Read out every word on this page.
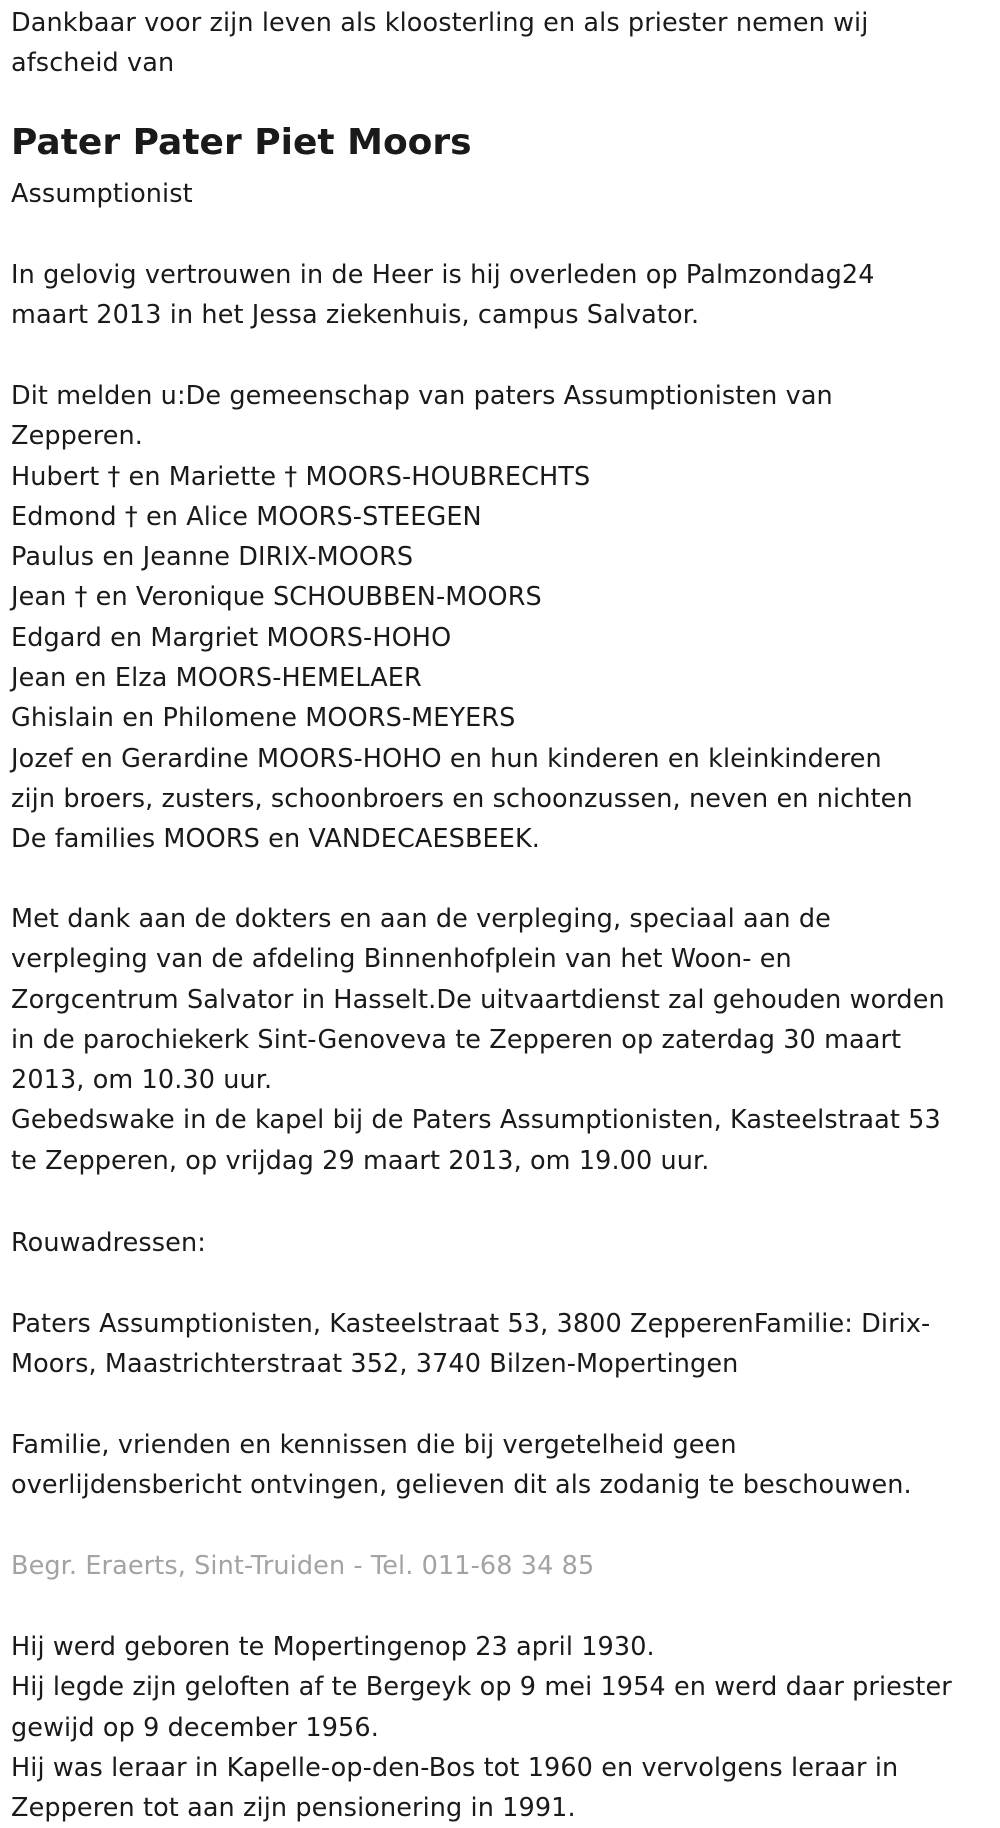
Dankbaar voor zijn leven als kloosterling en als priester nemen wij
afscheid van
Pater Pater Piet Moors
Assumptionist
In gelovig vertrouwen in de Heer is hij overleden op Palmzondag24
maart 2013 in het Jessa ziekenhuis, campus Salvator.
Dit melden u:De gemeenschap van paters Assumptionisten van
Zepperen.
Hubert † en Mariette † MOORS-HOUBRECHTS
Edmond † en Alice MOORS-STEEGEN
Paulus en Jeanne DIRIX-MOORS
Jean † en Veronique SCHOUBBEN-MOORS
Edgard en Margriet MOORS-HOHO
Jean en Elza MOORS-HEMELAER
Ghislain en Philomene MOORS-MEYERS
Jozef en Gerardine MOORS-HOHO en hun kinderen en kleinkinderen
zijn broers, zusters, schoonbroers en schoonzussen, neven en nichten
De families MOORS en VANDECAESBEEK.
Met dank aan de dokters en aan de verpleging, speciaal aan de
verpleging van de afdeling Binnenhofplein van het Woon- en
Zorgcentrum Salvator in Hasselt.De uitvaartdienst zal gehouden worden
in de parochiekerk Sint-Genoveva te Zepperen op zaterdag 30 maart
2013, om 10.30 uur.
Gebedswake in de kapel bij de Paters Assumptionisten, Kasteelstraat 53
te Zepperen, op vrijdag 29 maart 2013, om 19.00 uur.
Rouwadressen:
Paters Assumptionisten, Kasteelstraat 53, 3800 ZepperenFamilie: Dirix-
Moors, Maastrichterstraat 352, 3740 Bilzen-Mopertingen
Familie, vrienden en kennissen die bij vergetelheid geen
overlijdensbericht ontvingen, gelieven dit als zodanig te beschouwen.
Begr. Eraerts, Sint-Truiden - Tel. 011-68 34 85
Hij werd geboren te Mopertingenop 23 april 1930.
Hij legde zijn geloften af te Bergeyk op 9 mei 1954 en werd daar priester
gewijd op 9 december 1956.
Hij was leraar in Kapelle-op-den-Bos tot 1960 en vervolgens leraar in
Zepperen tot aan zijn pensionering in 1991.
